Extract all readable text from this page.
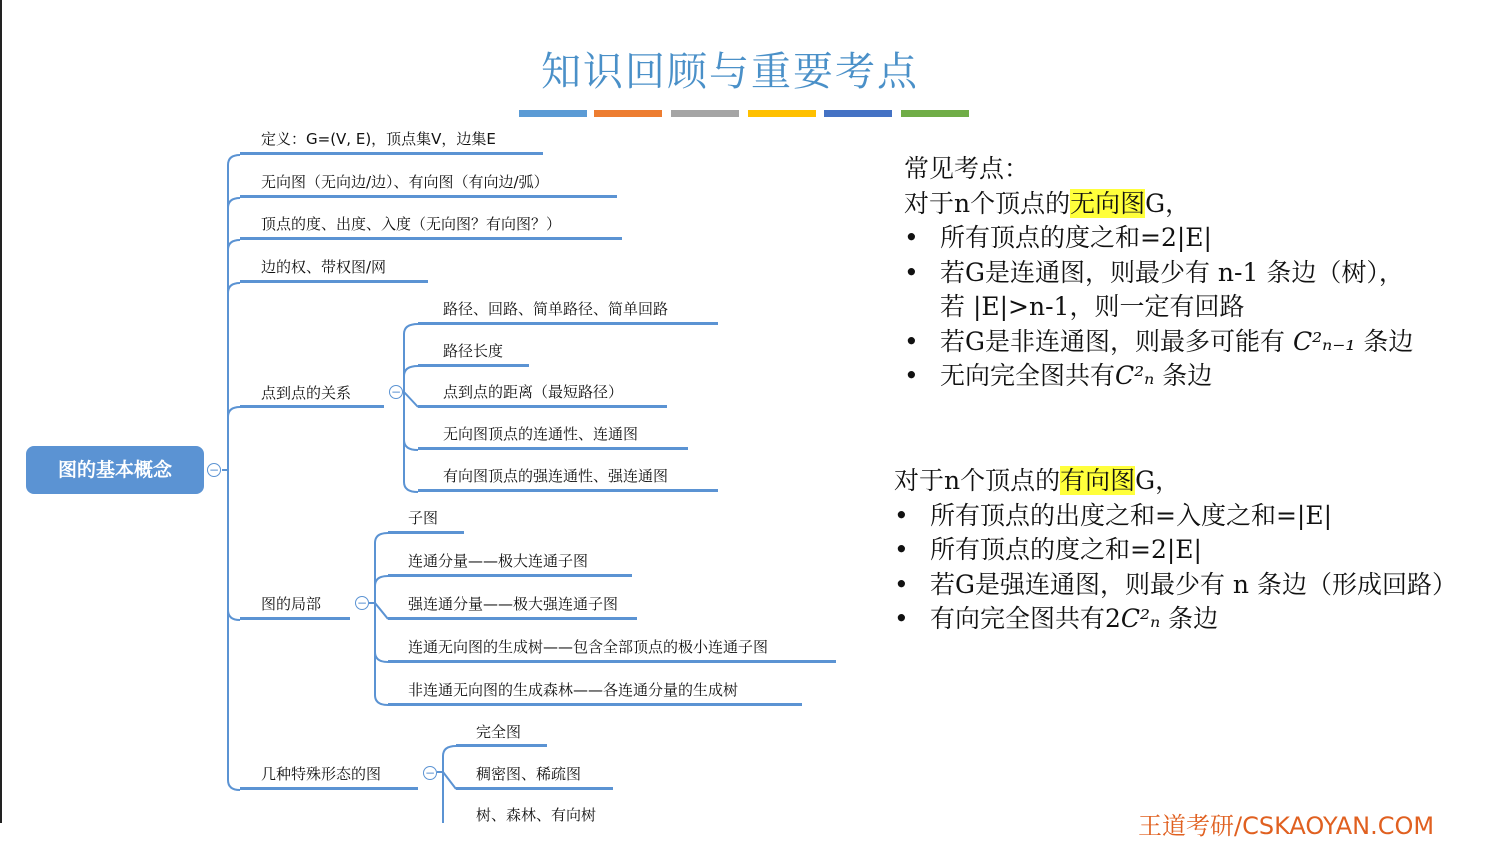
知识回顾与重要考点
图的基本概念	−
定义：G=(V, E)，顶点集V，边集E
无向图（无向边/边）、有向图（有向边/弧）
顶点的度、出度、入度（无向图？有向图？）
边的权、带权图/网
点到点的关系	−
路径、回路、简单路径、简单回路
路径长度
点到点的距离（最短路径）
无向图顶点的连通性、连通图
有向图顶点的强连通性、强连通图
图的局部	−
子图
连通分量——极大连通子图
强连通分量——极大强连通子图
连通无向图的生成树——包含全部顶点的极小连通子图
非连通无向图的生成森林——各连通分量的生成树
几种特殊形态的图	−
完全图
稠密图、稀疏图
树、森林、有向树
常见考点：
对于n个顶点的无向图G，
• 所有顶点的度之和=2|E|
• 若G是连通图，则最少有 n-1 条边（树），
若 |E|>n-1，则一定有回路
• 若G是非连通图，则最多可能有 C²ₙ₋₁ 条边
• 无向完全图共有C²ₙ 条边
对于n个顶点的有向图G，
• 所有顶点的出度之和=入度之和=|E|
• 所有顶点的度之和=2|E|
• 若G是强连通图，则最少有 n 条边（形成回路）
• 有向完全图共有2C²ₙ 条边
王道考研/CSKAOYAN.COM
